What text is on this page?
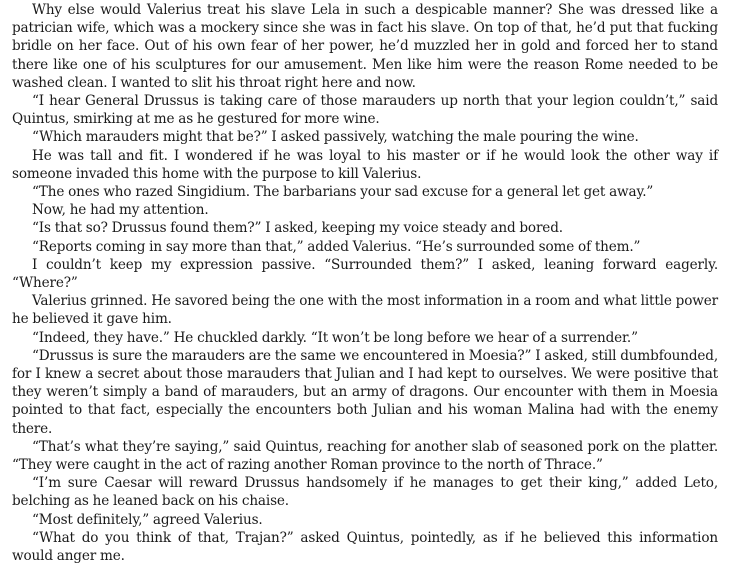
Why else would Valerius treat his slave Lela in such a despicable manner? She was dressed like a patrician wife, which was a mockery since she was in fact his slave. On top of that, he’d put that fucking bridle on her face. Out of his own fear of her power, he’d muzzled her in gold and forced her to stand there like one of his sculptures for our amusement. Men like him were the reason Rome needed to be washed clean. I wanted to slit his throat right here and now.

“I hear General Drussus is taking care of those marauders up north that your legion couldn’t,” said Quintus, smirking at me as he gestured for more wine.

“Which marauders might that be?” I asked passively, watching the male pouring the wine.

He was tall and fit. I wondered if he was loyal to his master or if he would look the other way if someone invaded this home with the purpose to kill Valerius.

“The ones who razed Singidium. The barbarians your sad excuse for a general let get away.”

Now, he had my attention.

“Is that so? Drussus found them?” I asked, keeping my voice steady and bored.

“Reports coming in say more than that,” added Valerius. “He’s surrounded some of them.”

I couldn’t keep my expression passive. “Surrounded them?” I asked, leaning forward eagerly. “Where?”

Valerius grinned. He savored being the one with the most information in a room and what little power he believed it gave him.

“Indeed, they have.” He chuckled darkly. “It won’t be long before we hear of a surrender.”

“Drussus is sure the marauders are the same we encountered in Moesia?” I asked, still dumbfounded, for I knew a secret about those marauders that Julian and I had kept to ourselves. We were positive that they weren’t simply a band of marauders, but an army of dragons. Our encounter with them in Moesia pointed to that fact, especially the encounters both Julian and his woman Malina had with the enemy there.

“That’s what they’re saying,” said Quintus, reaching for another slab of seasoned pork on the platter. “They were caught in the act of razing another Roman province to the north of Thrace.”

“I’m sure Caesar will reward Drussus handsomely if he manages to get their king,” added Leto, belching as he leaned back on his chaise.

“Most definitely,” agreed Valerius.

“What do you think of that, Trajan?” asked Quintus, pointedly, as if he believed this information would anger me.
